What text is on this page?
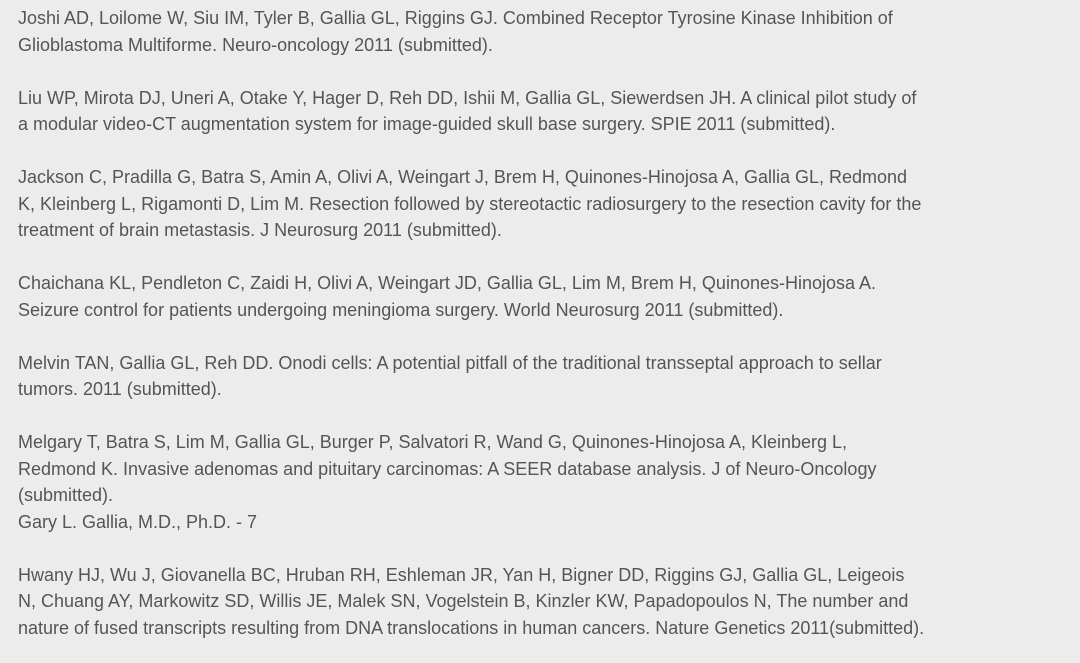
Joshi AD, Loilome W, Siu IM, Tyler B, Gallia GL, Riggins GJ. Combined Receptor Tyrosine Kinase Inhibition of
Glioblastoma Multiforme. Neuro-oncology 2011 (submitted).

Liu WP, Mirota DJ, Uneri A, Otake Y, Hager D, Reh DD, Ishii M, Gallia GL, Siewerdsen JH. A clinical pilot study of
a modular video-CT augmentation system for image-guided skull base surgery. SPIE 2011 (submitted).

Jackson C, Pradilla G, Batra S, Amin A, Olivi A, Weingart J, Brem H, Quinones-Hinojosa A, Gallia GL, Redmond
K, Kleinberg L, Rigamonti D, Lim M. Resection followed by stereotactic radiosurgery to the resection cavity for the
treatment of brain metastasis. J Neurosurg 2011 (submitted).

Chaichana KL, Pendleton C, Zaidi H, Olivi A, Weingart JD, Gallia GL, Lim M, Brem H, Quinones-Hinojosa A.
Seizure control for patients undergoing meningioma surgery. World Neurosurg 2011 (submitted).

Melvin TAN, Gallia GL, Reh DD. Onodi cells: A potential pitfall of the traditional transseptal approach to sellar
tumors. 2011 (submitted).

Melgary T, Batra S, Lim M, Gallia GL, Burger P, Salvatori R, Wand G, Quinones-Hinojosa A, Kleinberg L,
Redmond K. Invasive adenomas and pituitary carcinomas: A SEER database analysis. J of Neuro-Oncology
(submitted).

Gary L. Gallia, M.D., Ph.D. - 7

Hwany HJ, Wu J, Giovanella BC, Hruban RH, Eshleman JR, Yan H, Bigner DD, Riggins GJ, Gallia GL, Leigeois
N, Chuang AY, Markowitz SD, Willis JE, Malek SN, Vogelstein B, Kinzler KW, Papadopoulos N, The number and
nature of fused transcripts resulting from DNA translocations in human cancers. Nature Genetics 2011(submitted).
